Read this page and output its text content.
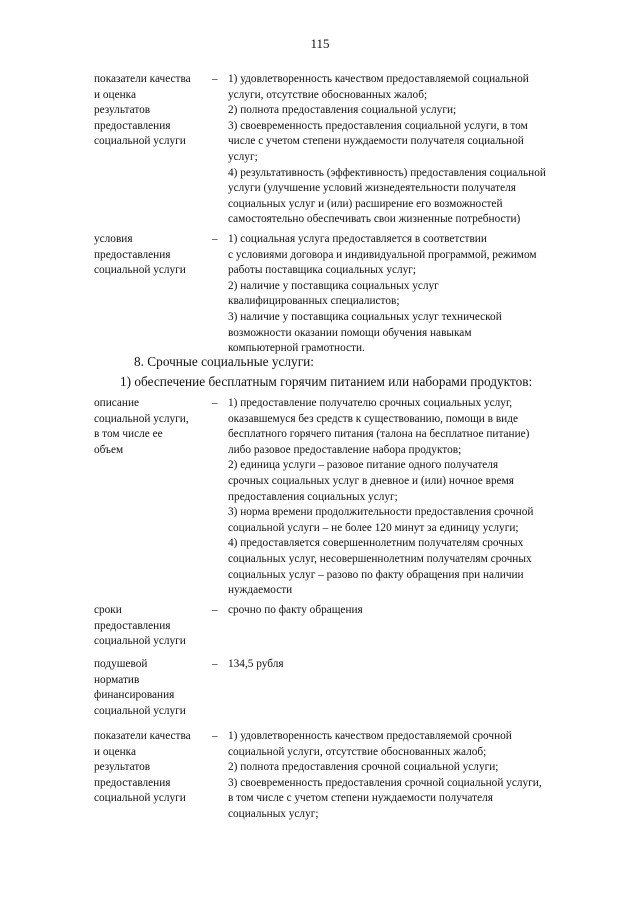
115
показатели качества
и оценка
результатов
предоставления
социальной услуги
– 1) удовлетворенность качеством предоставляемой социальной
услуги, отсутствие обоснованных жалоб;
2) полнота предоставления социальной услуги;
3) своевременность предоставления социальной услуги, в том
числе с учетом степени нуждаемости получателя социальной
услуг;
4) результативность (эффективность) предоставления социальной
услуги (улучшение условий жизнедеятельности получателя
социальных услуг и (или) расширение его возможностей
самостоятельно обеспечивать свои жизненные потребности)
условия
предоставления
социальной услуги
– 1) социальная услуга предоставляется в соответствии
с условиями договора и индивидуальной программой, режимом
работы поставщика социальных услуг;
2) наличие у поставщика социальных услуг
квалифицированных специалистов;
3) наличие у поставщика социальных услуг технической
возможности оказании помощи обучения навыкам
компьютерной грамотности.
8. Срочные социальные услуги:
1) обеспечение бесплатным горячим питанием или наборами продуктов:
описание
социальной услуги,
в том числе ее
объем
– 1) предоставление получателю срочных социальных услуг,
оказавшемуся без средств к существованию, помощи в виде
бесплатного горячего питания (талона на бесплатное питание)
либо разовое предоставление набора продуктов;
2) единица услуги – разовое питание одного получателя
срочных социальных услуг в дневное и (или) ночное время
предоставления социальных услуг;
3) норма времени продолжительности предоставления срочной
социальной услуги – не более 120 минут за единицу услуги;
4) предоставляется совершеннолетним получателям срочных
социальных услуг, несовершеннолетним получателям срочных
социальных услуг – разово по факту обращения при наличии
нуждаемости
сроки
предоставления
социальной услуги
– срочно по факту обращения
подушевой
норматив
финансирования
социальной услуги
– 134,5 рубля
показатели качества
и оценка
результатов
предоставления
социальной услуги
– 1) удовлетворенность качеством предоставляемой срочной
социальной услуги, отсутствие обоснованных жалоб;
2) полнота предоставления срочной социальной услуги;
3) своевременность предоставления срочной социальной услуги,
в том числе с учетом степени нуждаемости получателя
социальных услуг;
